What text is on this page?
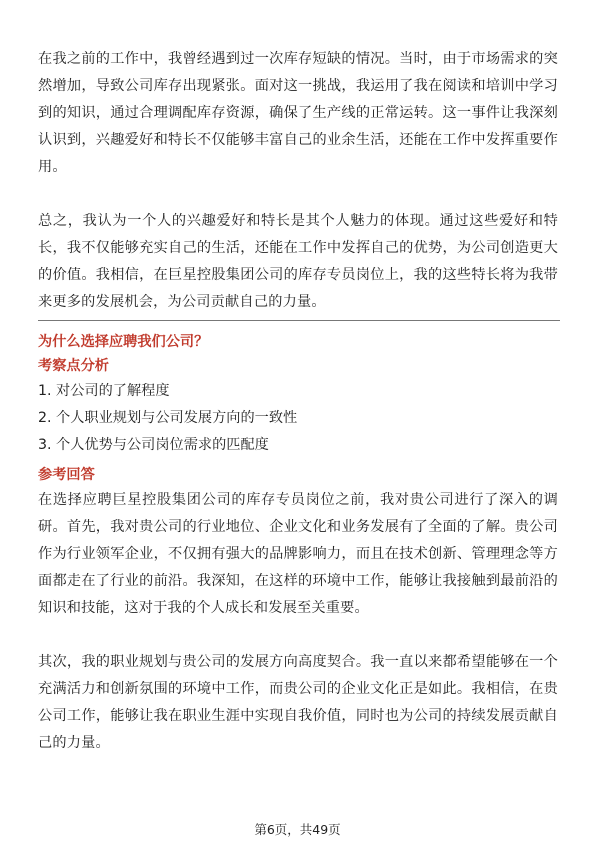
在我之前的工作中，我曾经遇到过一次库存短缺的情况。当时，由于市场需求的突然增加，导致公司库存出现紧张。面对这一挑战，我运用了我在阅读和培训中学习到的知识，通过合理调配库存资源，确保了生产线的正常运转。这一事件让我深刻认识到，兴趣爱好和特长不仅能够丰富自己的业余生活，还能在工作中发挥重要作用。

总之，我认为一个人的兴趣爱好和特长是其个人魅力的体现。通过这些爱好和特长，我不仅能够充实自己的生活，还能在工作中发挥自己的优势，为公司创造更大的价值。我相信，在巨星控股集团公司的库存专员岗位上，我的这些特长将为我带来更多的发展机会，为公司贡献自己的力量。

为什么选择应聘我们公司？

考察点分析

1. 对公司的了解程度
2. 个人职业规划与公司发展方向的一致性
3. 个人优势与公司岗位需求的匹配度

参考回答

在选择应聘巨星控股集团公司的库存专员岗位之前，我对贵公司进行了深入的调研。首先，我对贵公司的行业地位、企业文化和业务发展有了全面的了解。贵公司作为行业领军企业，不仅拥有强大的品牌影响力，而且在技术创新、管理理念等方面都走在了行业的前沿。我深知，在这样的环境中工作，能够让我接触到最前沿的知识和技能，这对于我的个人成长和发展至关重要。

其次，我的职业规划与贵公司的发展方向高度契合。我一直以来都希望能够在一个充满活力和创新氛围的环境中工作，而贵公司的企业文化正是如此。我相信，在贵公司工作，能够让我在职业生涯中实现自我价值，同时也为公司的持续发展贡献自己的力量。

第6页，共49页
